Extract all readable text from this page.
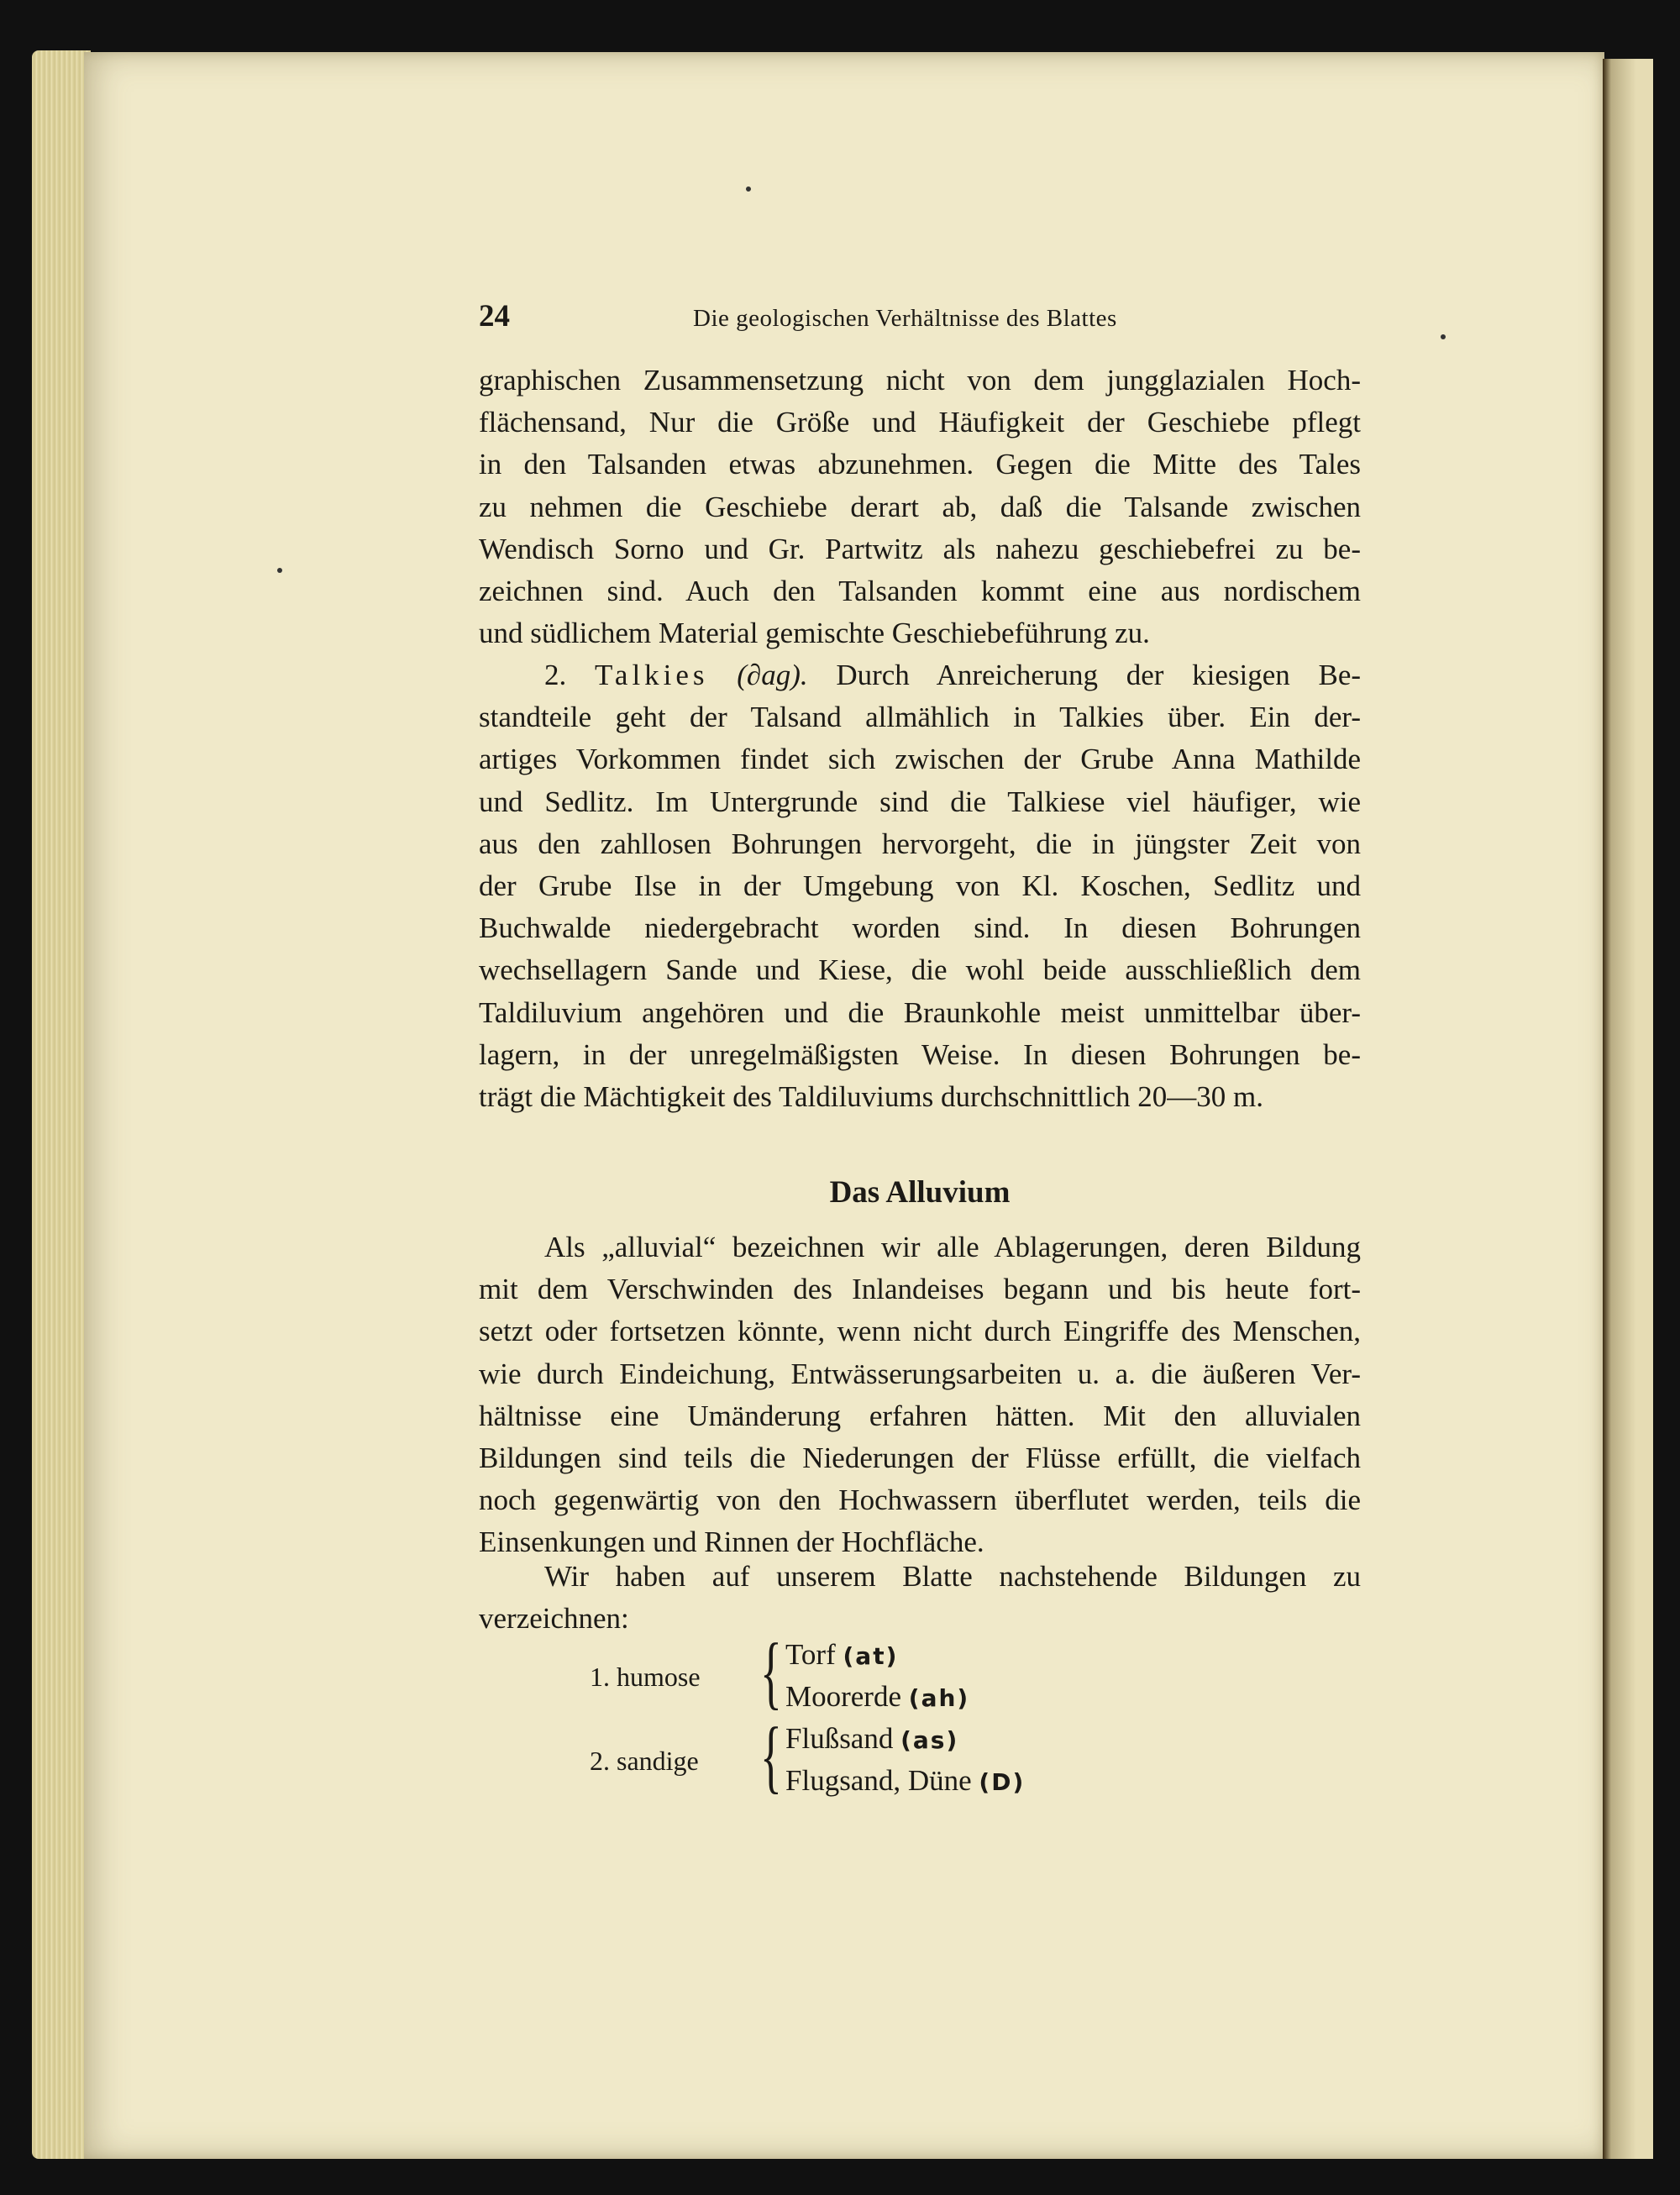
24	Die geologischen Verhältnisse des Blattes
graphischen Zusammensetzung nicht von dem jungglazialen Hoch-
flächensand, Nur die Größe und Häufigkeit der Geschiebe pflegt
in den Talsanden etwas abzunehmen. Gegen die Mitte des Tales
zu nehmen die Geschiebe derart ab, daß die Talsande zwischen
Wendisch Sorno und Gr. Partwitz als nahezu geschiebefrei zu be-
zeichnen sind. Auch den Talsanden kommt eine aus nordischem
und südlichem Material gemischte Geschiebeführung zu.
2. Talkies (∂ag). Durch Anreicherung der kiesigen Be-
standteile geht der Talsand allmählich in Talkies über. Ein der-
artiges Vorkommen findet sich zwischen der Grube Anna Mathilde
und Sedlitz. Im Untergrunde sind die Talkiese viel häufiger, wie
aus den zahllosen Bohrungen hervorgeht, die in jüngster Zeit von
der Grube Ilse in der Umgebung von Kl. Koschen, Sedlitz und
Buchwalde niedergebracht worden sind. In diesen Bohrungen
wechsellagern Sande und Kiese, die wohl beide ausschließlich dem
Taldiluvium angehören und die Braunkohle meist unmittelbar über-
lagern, in der unregelmäßigsten Weise. In diesen Bohrungen be-
trägt die Mächtigkeit des Taldiluviums durchschnittlich 20—30 m.
Das Alluvium
Als „alluvial“ bezeichnen wir alle Ablagerungen, deren Bildung
mit dem Verschwinden des Inlandeises begann und bis heute fort-
setzt oder fortsetzen könnte, wenn nicht durch Eingriffe des Menschen,
wie durch Eindeichung, Entwässerungsarbeiten u. a. die äußeren Ver-
hältnisse eine Umänderung erfahren hätten. Mit den alluvialen
Bildungen sind teils die Niederungen der Flüsse erfüllt, die vielfach
noch gegenwärtig von den Hochwassern überflutet werden, teils die
Einsenkungen und Rinnen der Hochfläche.
Wir haben auf unserem Blatte nachstehende Bildungen zu
verzeichnen:
1. humose { Torf (at)
Moorerde (ah)
2. sandige { Flußsand (as)
Flugsand, Düne (D)
